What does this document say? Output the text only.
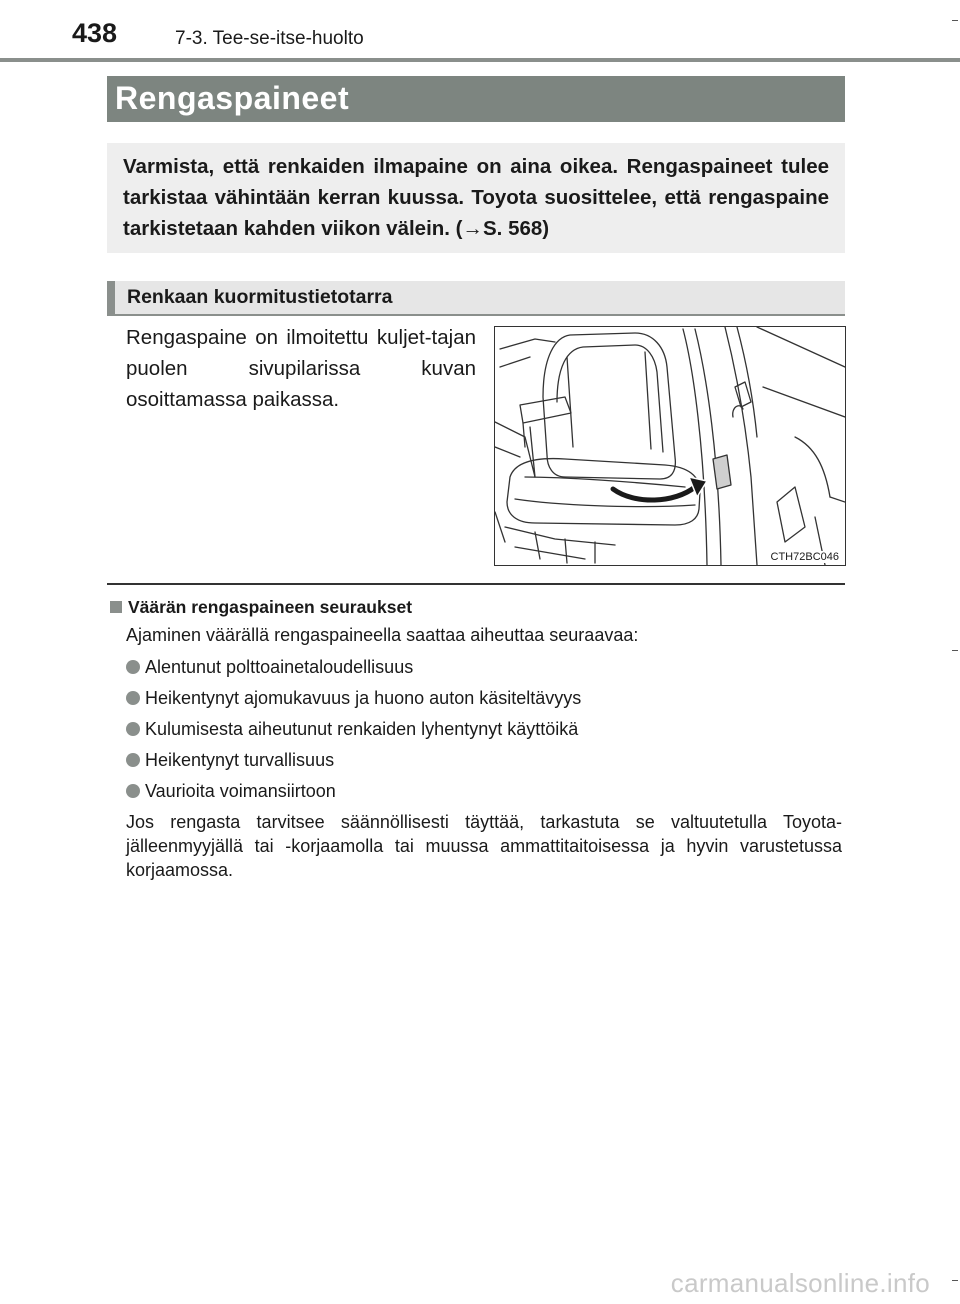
438	7-3. Tee-se-itse-huolto
Rengaspaineet

Varmista, että renkaiden ilmapaine on aina oikea. Rengaspaineet tulee tarkistaa vähintään kerran kuussa. Toyota suosittelee, että rengaspaine tarkistetaan kahden viikon välein. (→S. 568)

Renkaan kuormitustietotarra

Rengaspaine on ilmoitettu kuljet-tajan puolen sivupilarissa kuvan osoittamassa paikassa.

CTH72BC046
Väärän rengaspaineen seuraukset

Ajaminen väärällä rengaspaineella saattaa aiheuttaa seuraavaa:

Alentunut polttoainetaloudellisuus
Heikentynyt ajomukavuus ja huono auton käsiteltävyys
Kulumisesta aiheutunut renkaiden lyhentynyt käyttöikä
Heikentynyt turvallisuus
Vaurioita voimansiirtoon

Jos rengasta tarvitsee säännöllisesti täyttää, tarkastuta se valtuutetulla Toyota-jälleenmyyjällä tai -korjaamolla tai muussa ammattitaitoisessa ja hyvin varustetussa korjaamossa.

carmanualsonline.info
